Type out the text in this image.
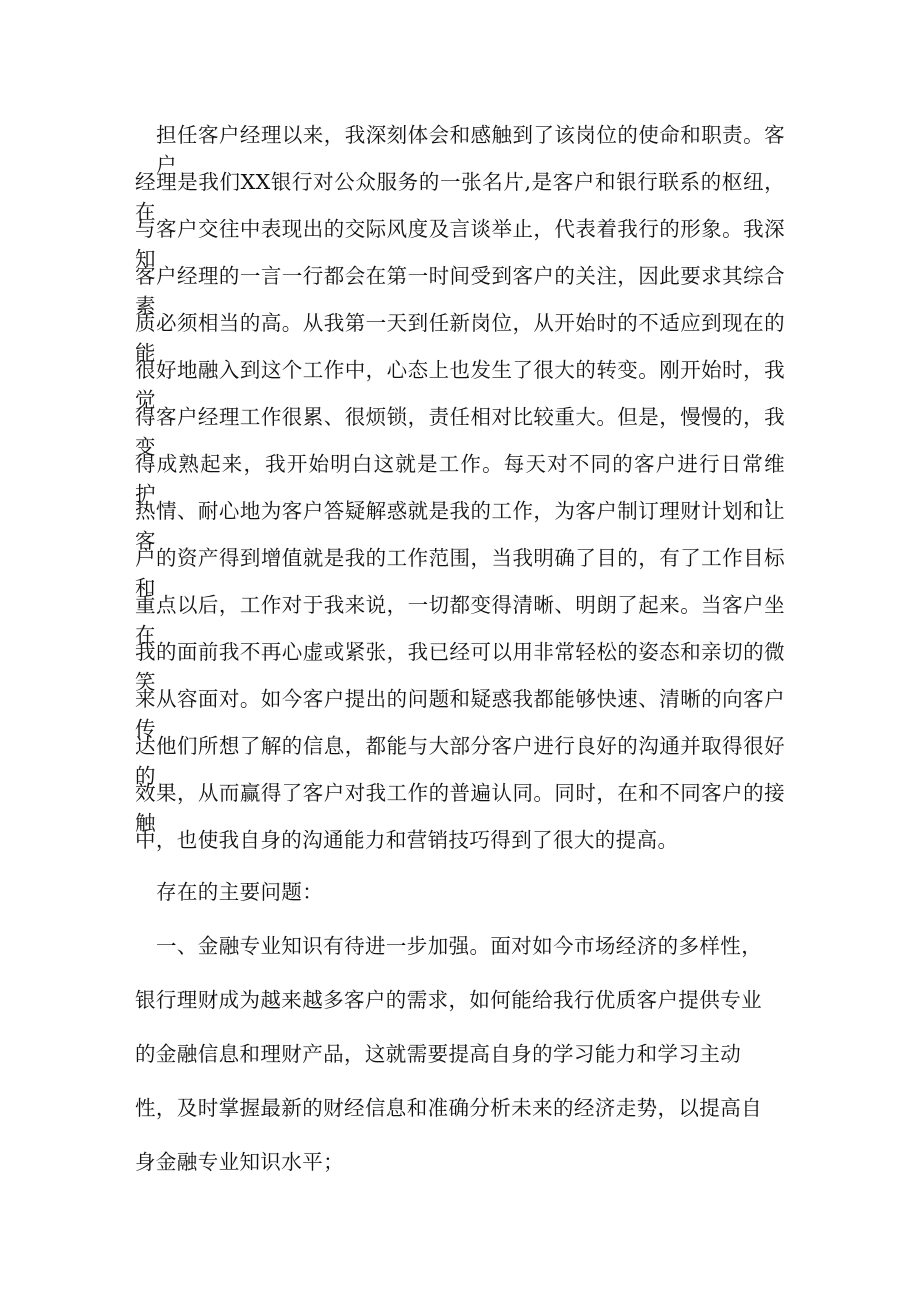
担任客户经理以来，我深刻体会和感触到了该岗位的使命和职责。客户
经理是我们XX银行对公众服务的一张名片,是客户和银行联系的枢纽，在
与客户交往中表现出的交际风度及言谈举止，代表着我行的形象。我深知
客户经理的一言一行都会在第一时间受到客户的关注，因此要求其综合素
质必须相当的高。从我第一天到任新岗位，从开始时的不适应到现在的能
很好地融入到这个工作中，心态上也发生了很大的转变。刚开始时，我觉
得客户经理工作很累、很烦锁，责任相对比较重大。但是，慢慢的，我变
得成熟起来，我开始明白这就是工作。每天对不同的客户进行日常维护，
热情、耐心地为客户答疑解惑就是我的工作，为客户制订理财计划和让客
户的资产得到增值就是我的工作范围，当我明确了目的，有了工作目标和
重点以后，工作对于我来说，一切都变得清晰、明朗了起来。当客户坐在
我的面前我不再心虚或紧张，我已经可以用非常轻松的姿态和亲切的微笑
来从容面对。如今客户提出的问题和疑惑我都能够快速、清晰的向客户传
达他们所想了解的信息，都能与大部分客户进行良好的沟通并取得很好的
效果，从而赢得了客户对我工作的普遍认同。同时，在和不同客户的接触
中，也使我自身的沟通能力和营销技巧得到了很大的提高。
存在的主要问题：
一、金融专业知识有待进一步加强。面对如今市场经济的多样性，
银行理财成为越来越多客户的需求，如何能给我行优质客户提供专业
的金融信息和理财产品，这就需要提高自身的学习能力和学习主动
性，及时掌握最新的财经信息和准确分析未来的经济走势，以提高自
身金融专业知识水平；
